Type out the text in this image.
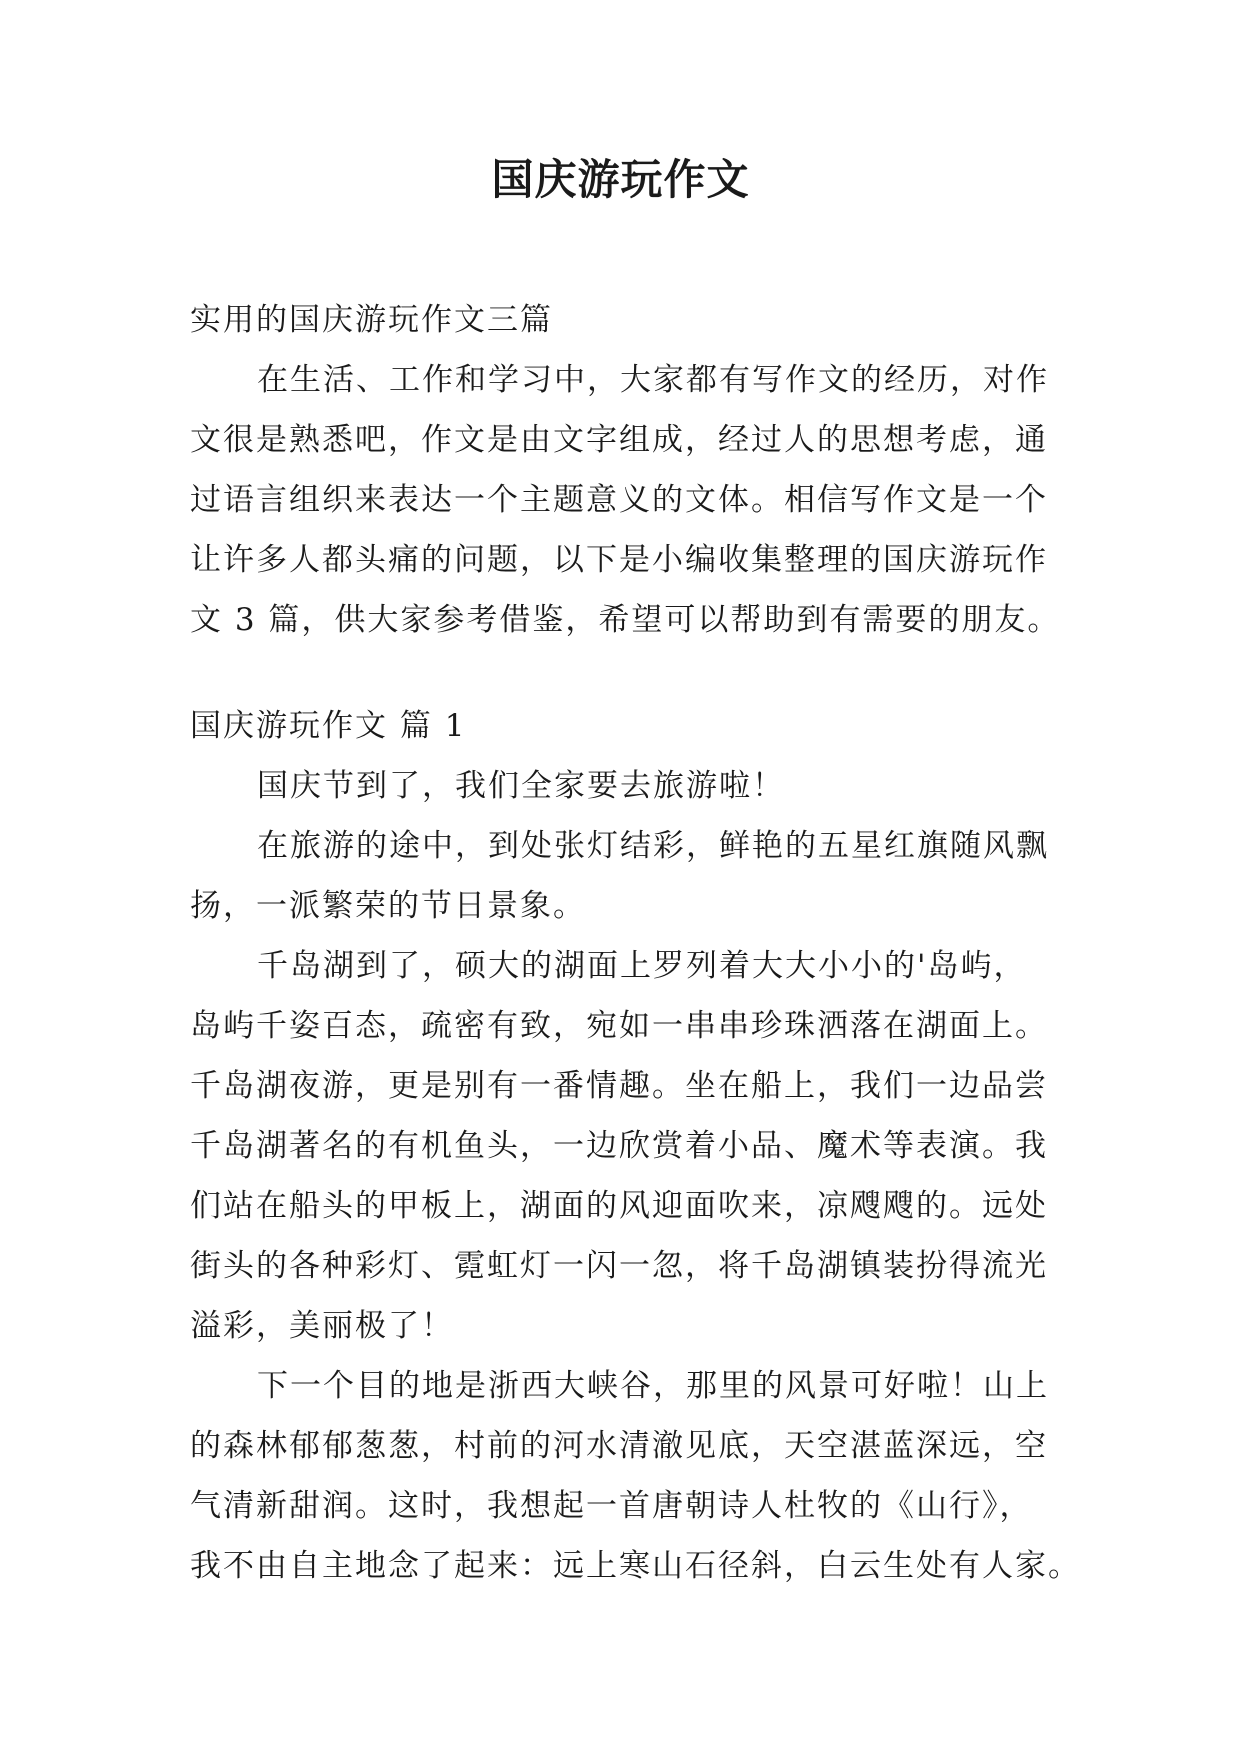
国庆游玩作文
实用的国庆游玩作文三篇
在生活、工作和学习中，大家都有写作文的经历，对作
文很是熟悉吧，作文是由文字组成，经过人的思想考虑，通
过语言组织来表达一个主题意义的文体。相信写作文是一个
让许多人都头痛的问题，以下是小编收集整理的国庆游玩作
文 3 篇，供大家参考借鉴，希望可以帮助到有需要的朋友。
国庆游玩作文 篇 1
国庆节到了，我们全家要去旅游啦！
在旅游的途中，到处张灯结彩，鲜艳的五星红旗随风飘
扬，一派繁荣的节日景象。
千岛湖到了，硕大的湖面上罗列着大大小小的'岛屿，
岛屿千姿百态，疏密有致，宛如一串串珍珠洒落在湖面上。
千岛湖夜游，更是别有一番情趣。坐在船上，我们一边品尝
千岛湖著名的有机鱼头，一边欣赏着小品、魔术等表演。我
们站在船头的甲板上，湖面的风迎面吹来，凉飕飕的。远处
街头的各种彩灯、霓虹灯一闪一忽，将千岛湖镇装扮得流光
溢彩，美丽极了！
下一个目的地是浙西大峡谷，那里的风景可好啦！山上
的森林郁郁葱葱，村前的河水清澈见底，天空湛蓝深远，空
气清新甜润。这时，我想起一首唐朝诗人杜牧的《山行》，
我不由自主地念了起来：远上寒山石径斜，白云生处有人家。
